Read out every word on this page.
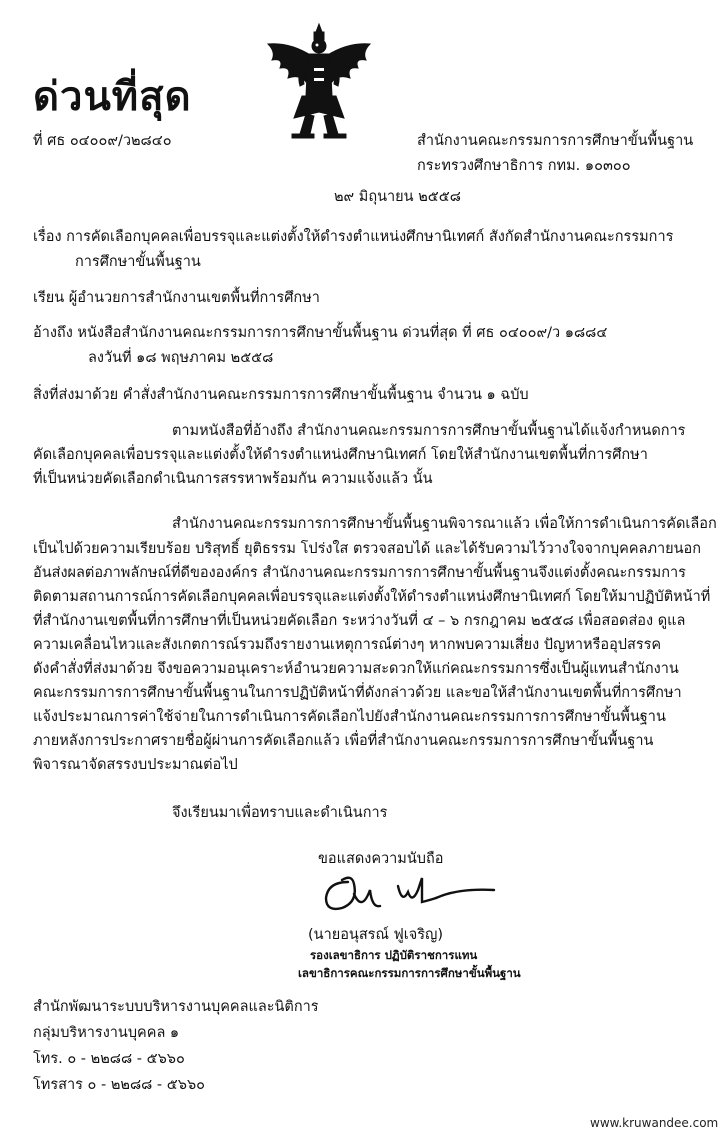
ด่วนที่สุด
ที่ ศธ ๐๔๐๐๙/ว๒๘๔๐	สำนักงานคณะกรรมการการศึกษาขั้นพื้นฐาน
กระทรวงศึกษาธิการ กทม. ๑๐๓๐๐
๒๙ มิถุนายน ๒๕๕๘
เรื่อง การคัดเลือกบุคคลเพื่อบรรจุและแต่งตั้งให้ดำรงตำแหน่งศึกษานิเทศก์ สังกัดสำนักงานคณะกรรมการ
การศึกษาขั้นพื้นฐาน
เรียน ผู้อำนวยการสำนักงานเขตพื้นที่การศึกษา
อ้างถึง หนังสือสำนักงานคณะกรรมการการศึกษาขั้นพื้นฐาน ด่วนที่สุด ที่ ศธ ๐๔๐๐๙/ว ๑๘๘๔
ลงวันที่ ๑๘ พฤษภาคม ๒๕๕๘
สิ่งที่ส่งมาด้วย คำสั่งสำนักงานคณะกรรมการการศึกษาขั้นพื้นฐาน จำนวน ๑ ฉบับ
ตามหนังสือที่อ้างถึง สำนักงานคณะกรรมการการศึกษาขั้นพื้นฐานได้แจ้งกำหนดการ
คัดเลือกบุคคลเพื่อบรรจุและแต่งตั้งให้ดำรงตำแหน่งศึกษานิเทศก์ โดยให้สำนักงานเขตพื้นที่การศึกษา
ที่เป็นหน่วยคัดเลือกดำเนินการสรรหาพร้อมกัน ความแจ้งแล้ว นั้น
สำนักงานคณะกรรมการการศึกษาขั้นพื้นฐานพิจารณาแล้ว เพื่อให้การดำเนินการคัดเลือก
เป็นไปด้วยความเรียบร้อย บริสุทธิ์ ยุติธรรม โปร่งใส ตรวจสอบได้ และได้รับความไว้วางใจจากบุคคลภายนอก
อันส่งผลต่อภาพลักษณ์ที่ดีขององค์กร สำนักงานคณะกรรมการการศึกษาขั้นพื้นฐานจึงแต่งตั้งคณะกรรมการ
ติดตามสถานการณ์การคัดเลือกบุคคลเพื่อบรรจุและแต่งตั้งให้ดำรงตำแหน่งศึกษานิเทศก์ โดยให้มาปฏิบัติหน้าที่
ที่สำนักงานเขตพื้นที่การศึกษาที่เป็นหน่วยคัดเลือก ระหว่างวันที่ ๔ – ๖ กรกฎาคม ๒๕๕๘ เพื่อสอดส่อง ดูแล
ความเคลื่อนไหวและสังเกตการณ์รวมถึงรายงานเหตุการณ์ต่างๆ หากพบความเสี่ยง ปัญหาหรืออุปสรรค
ดังคำสั่งที่ส่งมาด้วย จึงขอความอนุเคราะห์อำนวยความสะดวกให้แก่คณะกรรมการซึ่งเป็นผู้แทนสำนักงาน
คณะกรรมการการศึกษาขั้นพื้นฐานในการปฏิบัติหน้าที่ดังกล่าวด้วย และขอให้สำนักงานเขตพื้นที่การศึกษา
แจ้งประมาณการค่าใช้จ่ายในการดำเนินการคัดเลือกไปยังสำนักงานคณะกรรมการการศึกษาขั้นพื้นฐาน
ภายหลังการประกาศรายชื่อผู้ผ่านการคัดเลือกแล้ว เพื่อที่สำนักงานคณะกรรมการการศึกษาขั้นพื้นฐาน
พิจารณาจัดสรรงบประมาณต่อไป
จึงเรียนมาเพื่อทราบและดำเนินการ
ขอแสดงความนับถือ
(นายอนุสรณ์ ฟูเจริญ)
รองเลขาธิการ ปฏิบัติราชการแทน
เลขาธิการคณะกรรมการการศึกษาขั้นพื้นฐาน
สำนักพัฒนาระบบบริหารงานบุคคลและนิติการ
กลุ่มบริหารงานบุคคล ๑
โทร. ๐ - ๒๒๘๘ - ๕๖๖๐
โทรสาร ๐ - ๒๒๘๘ - ๕๖๖๐
www.kruwandee.com
